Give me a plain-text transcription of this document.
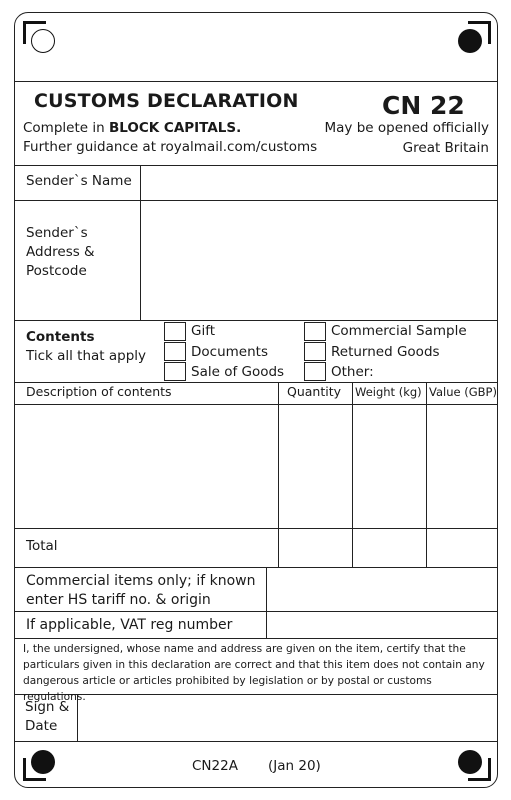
CUSTOMS DECLARATION	CN 22
Complete in BLOCK CAPITALS.
Further guidance at royalmail.com/customs
May be opened officially
Great Britain
Sender`s Name
Sender`s
Address &
Postcode
Contents
Tick all that apply
Gift
Documents
Sale of Goods
Commercial Sample
Returned Goods
Other:
Description of contents	Quantity Weight (kg) Value (GBP)
Total
Commercial items only; if known
enter HS tariff no. & origin
If applicable, VAT reg number
I, the undersigned, whose name and address are given on the item, certify that the particulars given in this declaration are correct and that this item does not contain any dangerous article or articles prohibited by legislation or by postal or customs regulations.
Sign &
Date
CN22A (Jan 20)
